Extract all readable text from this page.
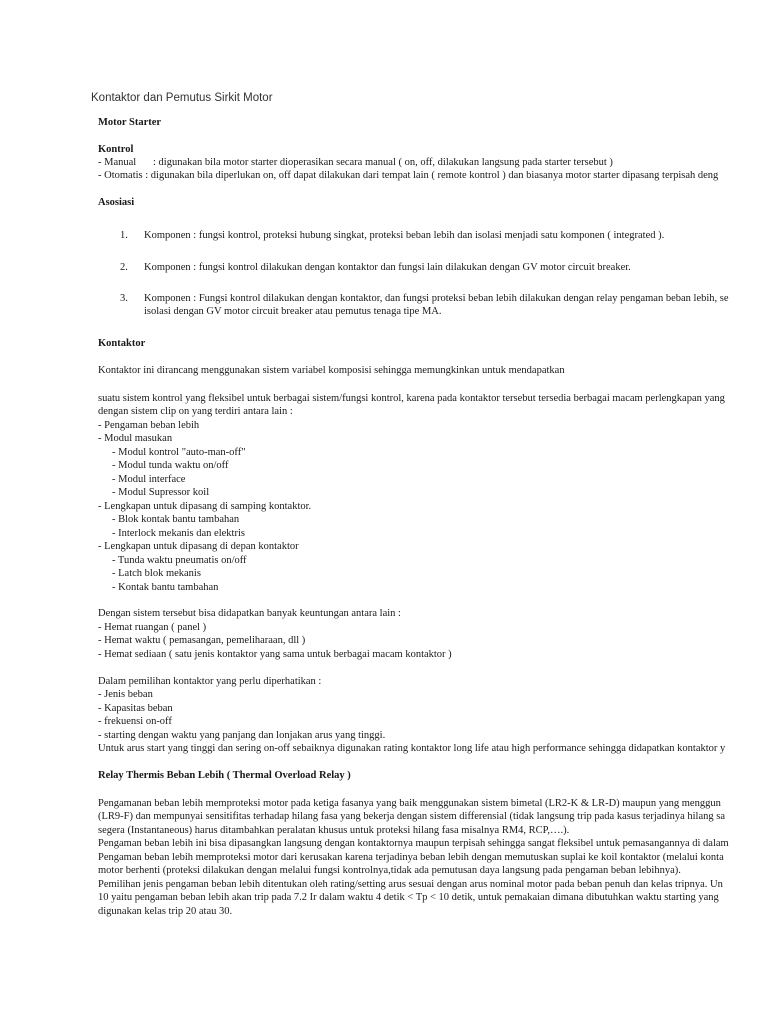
Kontaktor dan Pemutus Sirkit Motor
Motor Starter
Kontrol
- Manual : digunakan bila motor starter dioperasikan secara manual ( on, off, dilakukan langsung pada starter tersebut )
- Otomatis : digunakan bila diperlukan on, off dapat dilakukan dari tempat lain ( remote kontrol ) dan biasanya motor starter dipasang terpisah deng
Asosiasi
1. Komponen : fungsi kontrol, proteksi hubung singkat, proteksi beban lebih dan isolasi menjadi satu komponen ( integrated ).
2. Komponen : fungsi kontrol dilakukan dengan kontaktor dan fungsi lain dilakukan dengan GV motor circuit breaker.
3. Komponen : Fungsi kontrol dilakukan dengan kontaktor, dan fungsi proteksi beban lebih dilakukan dengan relay pengaman beban lebih, se
isolasi dengan GV motor circuit breaker atau pemutus tenaga tipe MA.
Kontaktor
Kontaktor ini dirancang menggunakan sistem variabel komposisi sehingga memungkinkan untuk mendapatkan
suatu sistem kontrol yang fleksibel untuk berbagai sistem/fungsi kontrol, karena pada kontaktor tersebut tersedia berbagai macam perlengkapan yang
dengan sistem clip on yang terdiri antara lain :
- Pengaman beban lebih
- Modul masukan
- Modul kontrol "auto-man-off"
- Modul tunda waktu on/off
- Modul interface
- Modul Supressor koil
- Lengkapan untuk dipasang di samping kontaktor.
- Blok kontak bantu tambahan
- Interlock mekanis dan elektris
- Lengkapan untuk dipasang di depan kontaktor
- Tunda waktu pneumatis on/off
- Latch blok mekanis
- Kontak bantu tambahan
Dengan sistem tersebut bisa didapatkan banyak keuntungan antara lain :
- Hemat ruangan ( panel )
- Hemat waktu ( pemasangan, pemeliharaan, dll )
- Hemat sediaan ( satu jenis kontaktor yang sama untuk berbagai macam kontaktor )
Dalam pemilihan kontaktor yang perlu diperhatikan :
- Jenis beban
- Kapasitas beban
- frekuensi on-off
- starting dengan waktu yang panjang dan lonjakan arus yang tinggi.
Untuk arus start yang tinggi dan sering on-off sebaiknya digunakan rating kontaktor long life atau high performance sehingga didapatkan kontaktor y
Relay Thermis Beban Lebih ( Thermal Overload Relay )
Pengamanan beban lebih memproteksi motor pada ketiga fasanya yang baik menggunakan sistem bimetal (LR2-K & LR-D) maupun yang menggun
(LR9-F) dan mempunyai sensitifitas terhadap hilang fasa yang bekerja dengan sistem differensial (tidak langsung trip pada kasus terjadinya hilang sa
segera (Instantaneous) harus ditambahkan peralatan khusus untuk proteksi hilang fasa misalnya RM4, RCP,….).
Pengaman beban lebih ini bisa dipasangkan langsung dengan kontaktornya maupun terpisah sehingga sangat fleksibel untuk pemasangannya di dalam
Pengaman beban lebih memproteksi motor dari kerusakan karena terjadinya beban lebih dengan memutuskan suplai ke koil kontaktor (melalui konta
motor berhenti (proteksi dilakukan dengan melalui fungsi kontrolnya,tidak ada pemutusan daya langsung pada pengaman beban lebihnya).
Pemilihan jenis pengaman beban lebih ditentukan oleh rating/setting arus sesuai dengan arus nominal motor pada beban penuh dan kelas tripnya. Un
10 yaitu pengaman beban lebih akan trip pada 7.2 Ir dalam waktu 4 detik < Tp < 10 detik, untuk pemakaian dimana dibutuhkan waktu starting yang
digunakan kelas trip 20 atau 30.
